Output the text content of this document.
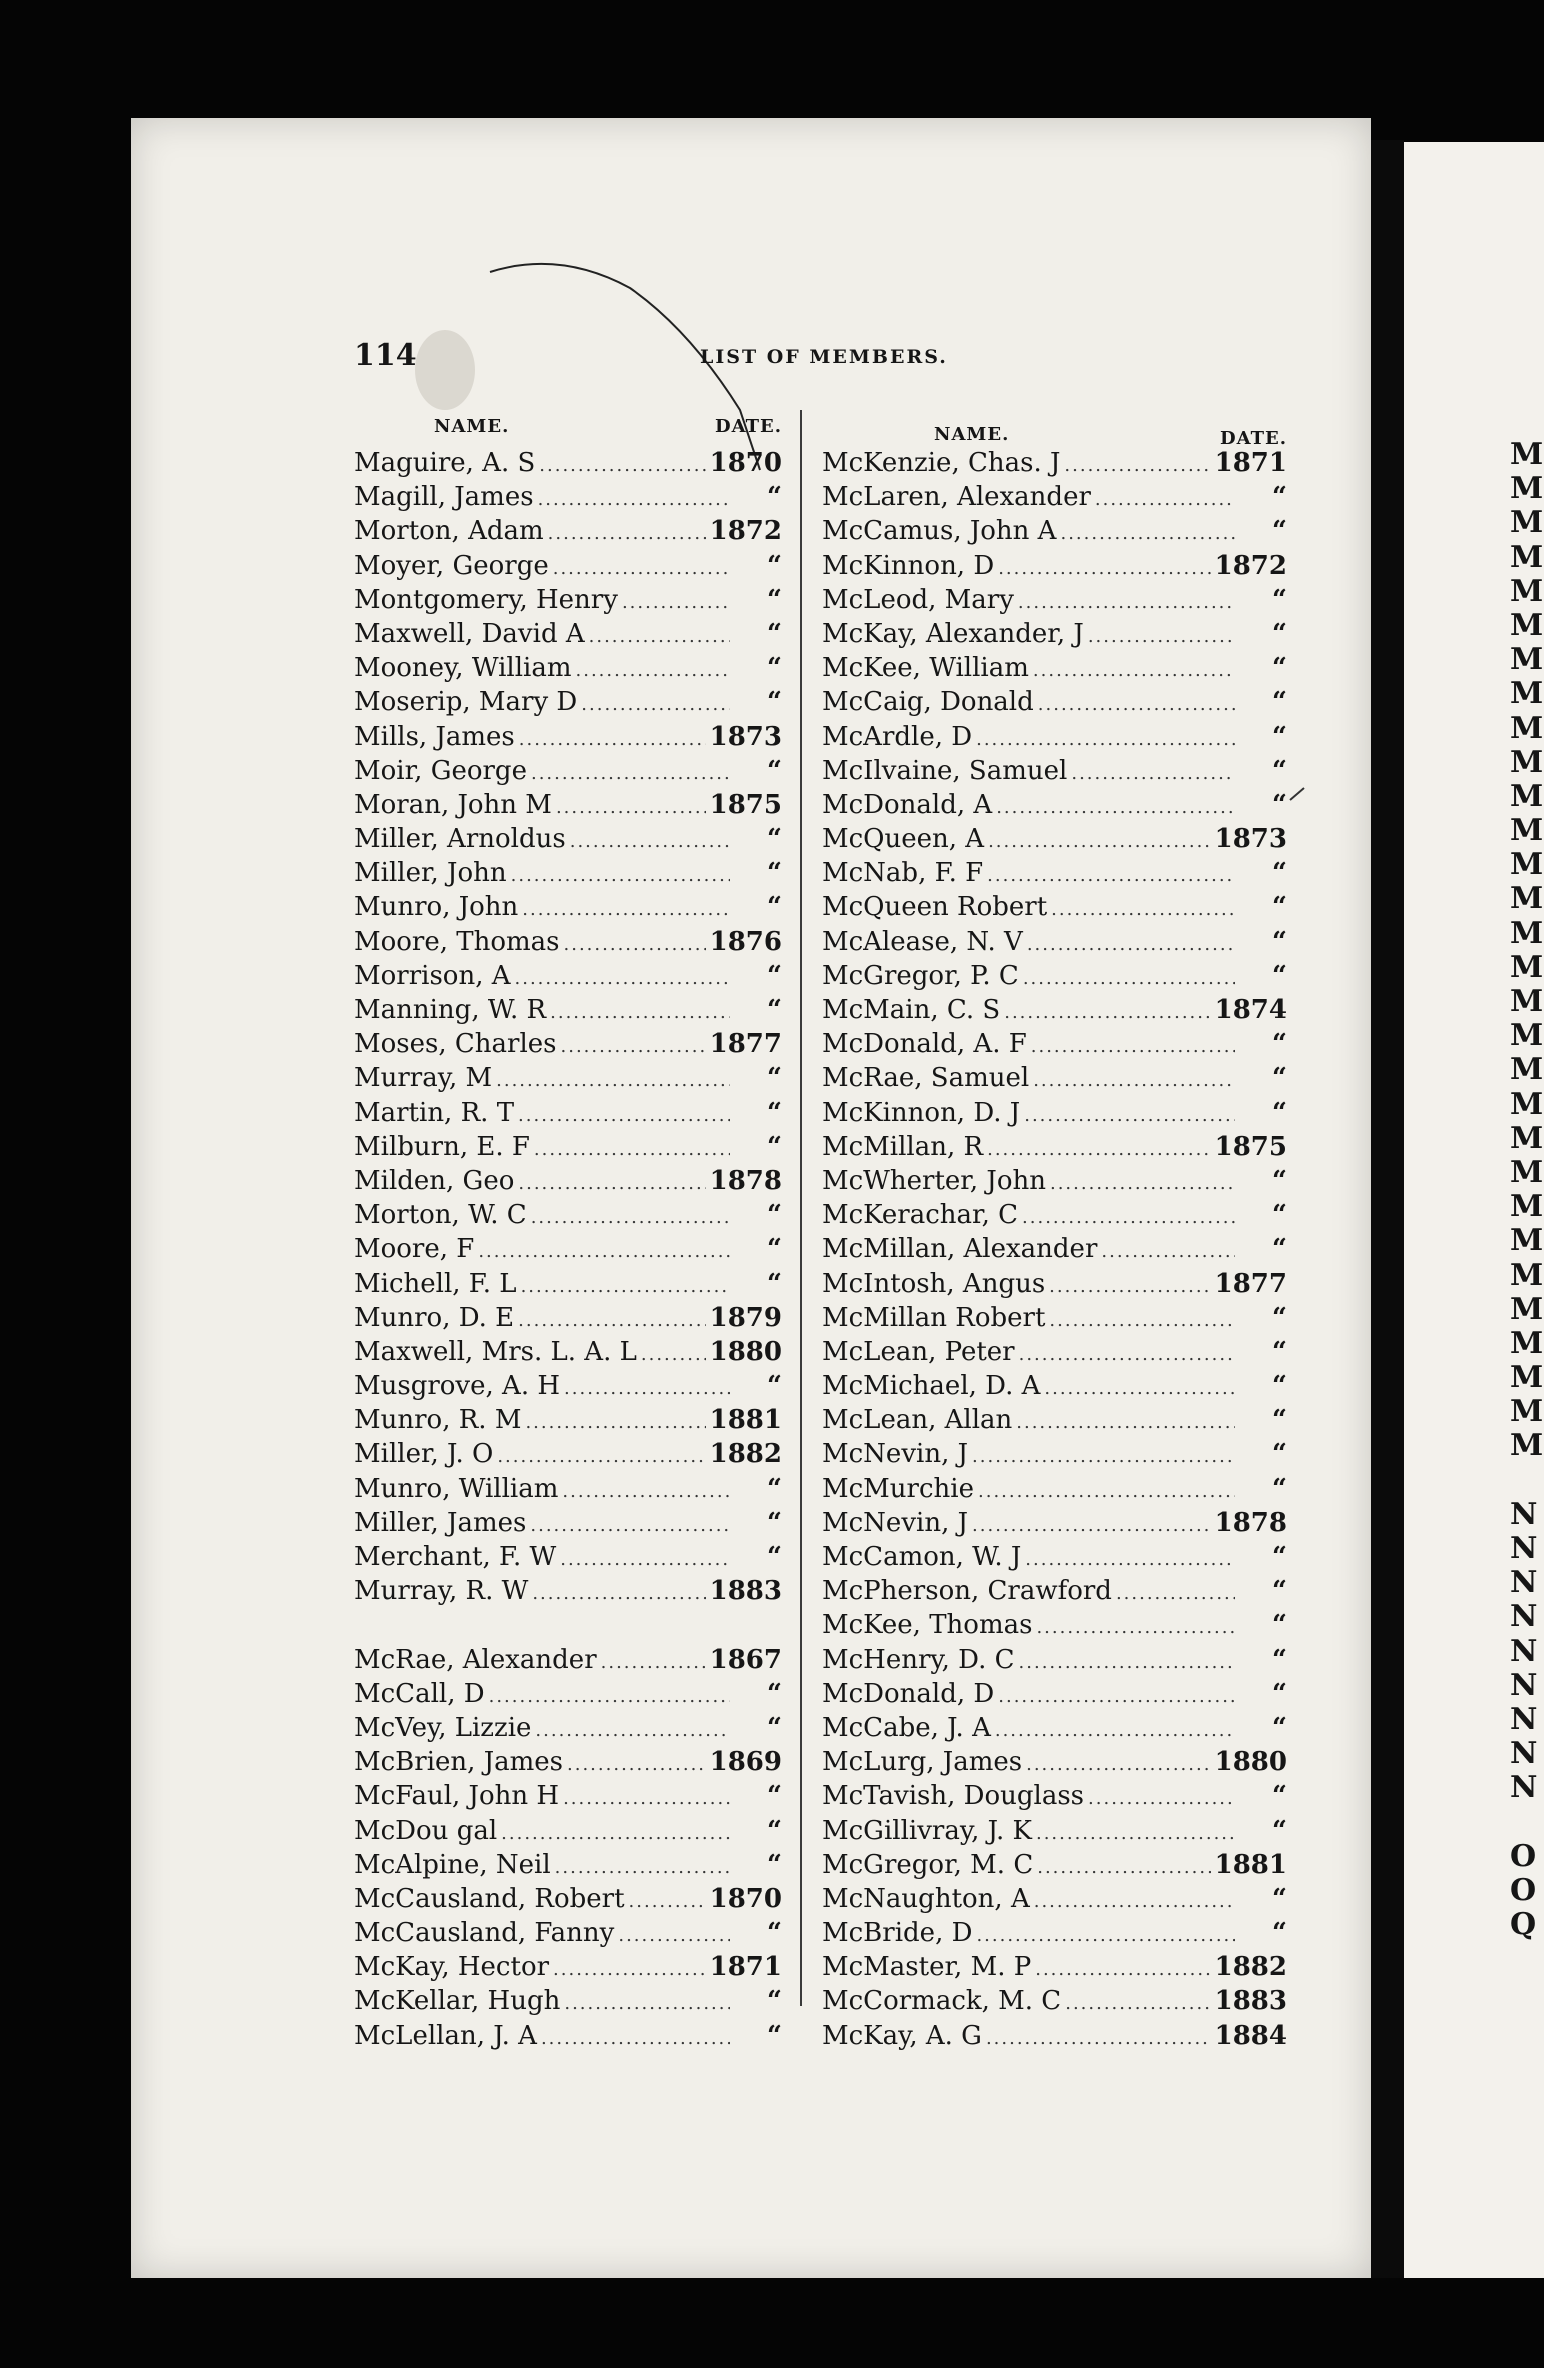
114	LIST OF MEMBERS.
NAME.	DATE.
Maguire, A. S .....	1870
Magill, James .....	“
Morton, Adam .....	1872
Moyer, George .....	“
Montgomery, Henry .....	“
Maxwell, David A .....	“
Mooney, William .....	“
Moserip, Mary D .....	“
Mills, James .....	1873
Moir, George .....	“
Moran, John M .....	1875
Miller, Arnoldus .....	“
Miller, John .....	“
Munro, John .....	“
Moore, Thomas .....	1876
Morrison, A .....	“
Manning, W. R .....	“
Moses, Charles .....	1877
Murray, M .....	“
Martin, R. T .....	“
Milburn, E. F .....	“
Milden, Geo .....	1878
Morton, W. C .....	“
Moore, F .....	“
Michell, F. L .....	“
Munro, D. E .....	1879
Maxwell, Mrs. L. A. L .....	1880
Musgrove, A. H .....	“
Munro, R. M .....	1881
Miller, J. O .....	1882
Munro, William .....	“
Miller, James .....	“
Merchant, F. W .....	“
Murray, R. W .....	1883
McRae, Alexander .....	1867
McCall, D .....	“
McVey, Lizzie .....	“
McBrien, James .....	1869
McFaul, John H .....	“
McDou gal .....	“
McAlpine, Neil .....	“
McCausland, Robert .....	1870
McCausland, Fanny .....	“
McKay, Hector .....	1871
McKellar, Hugh .....	“
McLellan, J. A .....	“
NAME.	DATE.
McKenzie, Chas. J .....	1871
McLaren, Alexander .....	“
McCamus, John A .....	“
McKinnon, D .....	1872
McLeod, Mary .....	“
McKay, Alexander, J .....	“
McKee, William .....	“
McCaig, Donald .....	“
McArdle, D .....	“
McIlvaine, Samuel .....	“
McDonald, A .....	“
McQueen, A .....	1873
McNab, F. F .....	“
McQueen Robert .....	“
McAlease, N. V .....	“
McGregor, P. C .....	“
McMain, C. S .....	1874
McDonald, A. F .....	“
McRae, Samuel .....	“
McKinnon, D. J .....	“
McMillan, R .....	1875
McWherter, John .....	“
McKerachar, C .....	“
McMillan, Alexander .....	“
McIntosh, Angus .....	1877
McMillan Robert .....	“
McLean, Peter .....	“
McMichael, D. A .....	“
McLean, Allan .....	“
McNevin, J .....	“
McMurchie .....	“
McNevin, J .....	1878
McCamon, W. J .....	“
McPherson, Crawford .....	“
McKee, Thomas .....	“
McHenry, D. C .....	“
McDonald, D .....	“
McCabe, J. A .....	“
McLurg, James .....	1880
McTavish, Douglass .....	“
McGillivray, J. K .....	“
McGregor, M. C .....	1881
McNaughton, A .....	“
McBride, D .....	“
McMaster, M. P .....	1882
McCormack, M. C .....	1883
McKay, A. G .....	1884
M
M
M
M
M
M
M
M
M
M
M
M
M
M
M
M
M
M
M
M
M
M
M
M
M
M
M
M
M
M
N
N
N
N
N
N
N
N
N
O
O
Q
